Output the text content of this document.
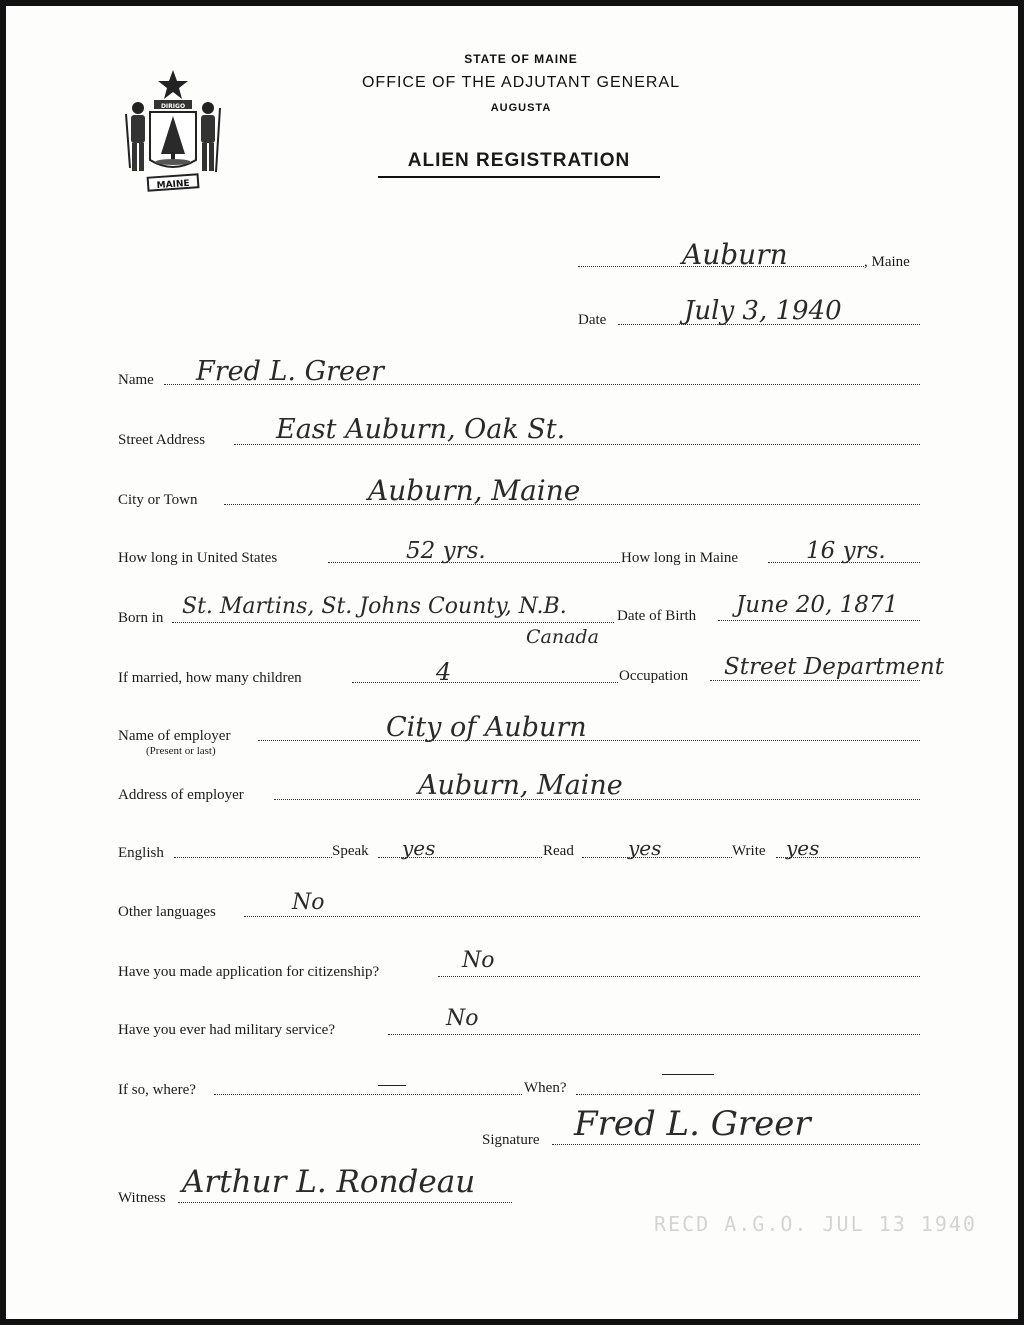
DIRIGO
MAINE
STATE OF MAINE
OFFICE OF THE ADJUTANT GENERAL
AUGUSTA
ALIEN REGISTRATION
Auburn	, Maine
Date	July 3, 1940
Name Fred L. Greer
Street Address	East Auburn, Oak St.
City or Town	Auburn, Maine
How long in United States	52 yrs.	How long in Maine	16 yrs.
Born in St. Martins, St. Johns County, N.B.
Canada
Date of Birth June 20, 1871
If married, how many children	4	Occupation Street Department
Name of employer
(Present or last)
City of Auburn
Address of employer	Auburn, Maine
English	Speak yes	Read	yes	Write yes
Other languages	No
Have you made application for citizenship?	No
Have you ever had military service?	No
If so, where?	When?
Signature Fred L. Greer
Witness Arthur L. Rondeau
RECD A.G.O. JUL 13 1940
